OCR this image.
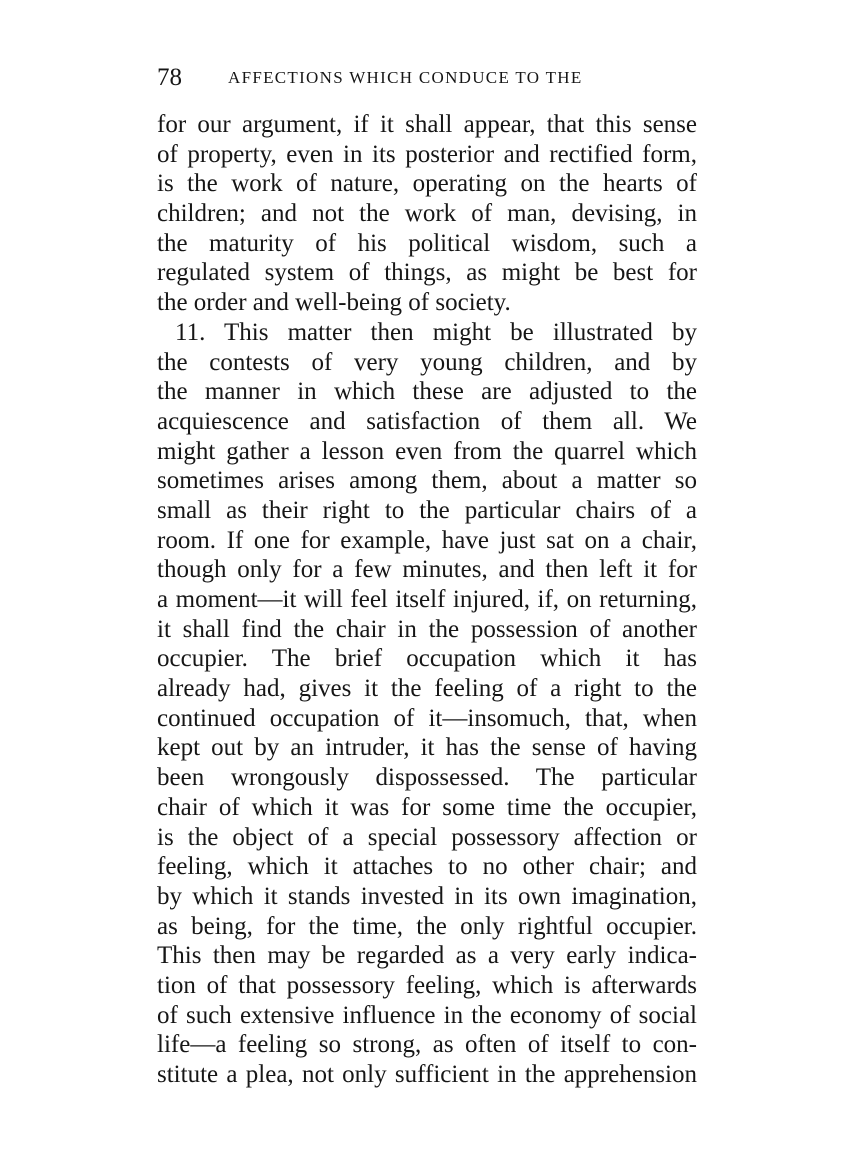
78	AFFECTIONS WHICH CONDUCE TO THE
for our argument, if it shall appear, that this sense
of property, even in its posterior and rectified form,
is the work of nature, operating on the hearts of
children; and not the work of man, devising, in
the maturity of his political wisdom, such a
regulated system of things, as might be best for
the order and well-being of society.
11. This matter then might be illustrated by
the contests of very young children, and by
the manner in which these are adjusted to the
acquiescence and satisfaction of them all. We
might gather a lesson even from the quarrel which
sometimes arises among them, about a matter so
small as their right to the particular chairs of a
room. If one for example, have just sat on a chair,
though only for a few minutes, and then left it for
a moment—it will feel itself injured, if, on returning,
it shall find the chair in the possession of another
occupier. The brief occupation which it has
already had, gives it the feeling of a right to the
continued occupation of it—insomuch, that, when
kept out by an intruder, it has the sense of having
been wrongously dispossessed. The particular
chair of which it was for some time the occupier,
is the object of a special possessory affection or
feeling, which it attaches to no other chair; and
by which it stands invested in its own imagination,
as being, for the time, the only rightful occupier.
This then may be regarded as a very early indica-
tion of that possessory feeling, which is afterwards
of such extensive influence in the economy of social
life—a feeling so strong, as often of itself to con-
stitute a plea, not only sufficient in the apprehension
